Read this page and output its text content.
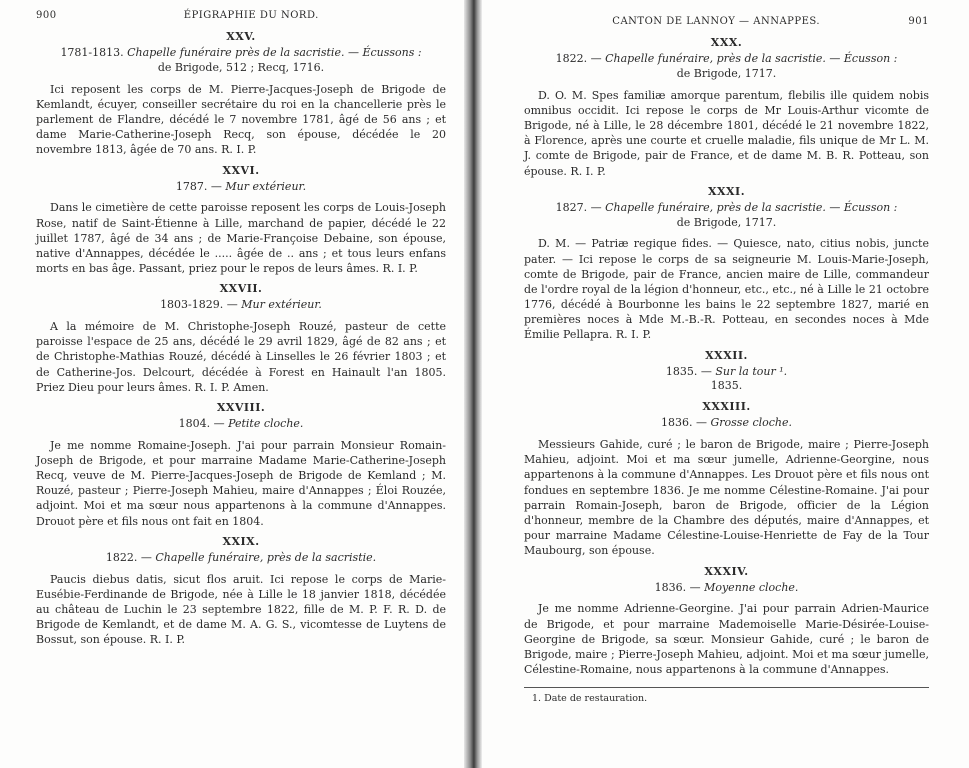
900	ÉPIGRAPHIE DU NORD.
XXV.
1781-1813. Chapelle funéraire près de la sacristie. — Écussons :
de Brigode, 512 ; Recq, 1716.

Ici reposent les corps de M. Pierre-Jacques-Joseph de Brigode de Kemlandt, écuyer, conseiller secrétaire du roi en la chancellerie près le parlement de Flandre, décédé le 7 novembre 1781, âgé de 56 ans ; et dame Marie-Catherine-Joseph Recq, son épouse, décédée le 20 novembre 1813, âgée de 70 ans. R. I. P.

XXVI.
1787. — Mur extérieur.

Dans le cimetière de cette paroisse reposent les corps de Louis-Joseph Rose, natif de Saint-Étienne à Lille, marchand de papier, décédé le 22 juillet 1787, âgé de 34 ans ; de Marie-Françoise Debaine, son épouse, native d'Annappes, décédée le ..... âgée de .. ans ; et tous leurs enfans morts en bas âge. Passant, priez pour le repos de leurs âmes. R. I. P.

XXVII.
1803-1829. — Mur extérieur.

A la mémoire de M. Christophe-Joseph Rouzé, pasteur de cette paroisse l'espace de 25 ans, décédé le 29 avril 1829, âgé de 82 ans ; et de Christophe-Mathias Rouzé, décédé à Linselles le 26 février 1803 ; et de Catherine-Jos. Delcourt, décédée à Forest en Hainault l'an 1805. Priez Dieu pour leurs âmes. R. I. P. Amen.

XXVIII.
1804. — Petite cloche.

Je me nomme Romaine-Joseph. J'ai pour parrain Monsieur Romain-Joseph de Brigode, et pour marraine Madame Marie-Catherine-Joseph Recq, veuve de M. Pierre-Jacques-Joseph de Brigode de Kemland ; M. Rouzé, pasteur ; Pierre-Joseph Mahieu, maire d'Annappes ; Éloi Rouzée, adjoint. Moi et ma sœur nous appartenons à la commune d'Annappes. Drouot père et fils nous ont fait en 1804.

XXIX.
1822. — Chapelle funéraire, près de la sacristie.

Paucis diebus datis, sicut flos aruit. Ici repose le corps de Marie-Eusébie-Ferdinande de Brigode, née à Lille le 18 janvier 1818, décédée au château de Luchin le 23 septembre 1822, fille de M. P. F. R. D. de Brigode de Kemlandt, et de dame M. A. G. S., vicomtesse de Luytens de Bossut, son épouse. R. I. P.

CANTON DE LANNOY — ANNAPPES.	901
XXX.
1822. — Chapelle funéraire, près de la sacristie. — Écusson :
de Brigode, 1717.

D. O. M. Spes familiæ amorque parentum, flebilis ille quidem nobis omnibus occidit. Ici repose le corps de Mr Louis-Arthur vicomte de Brigode, né à Lille, le 28 décembre 1801, décédé le 21 novembre 1822, à Florence, après une courte et cruelle maladie, fils unique de Mr L. M. J. comte de Brigode, pair de France, et de dame M. B. R. Potteau, son épouse. R. I. P.

XXXI.
1827. — Chapelle funéraire, près de la sacristie. — Écusson :
de Brigode, 1717.

D. M. — Patriæ regique fides. — Quiesce, nato, citius nobis, juncte pater. — Ici repose le corps de sa seigneurie M. Louis-Marie-Joseph, comte de Brigode, pair de France, ancien maire de Lille, commandeur de l'ordre royal de la légion d'honneur, etc., etc., né à Lille le 21 octobre 1776, décédé à Bourbonne les bains le 22 septembre 1827, marié en premières noces à Mde M.-B.-R. Potteau, en secondes noces à Mde Émilie Pellapra. R. I. P.

XXXII.
1835. — Sur la tour ¹.
1835.
XXXIII.
1836. — Grosse cloche.

Messieurs Gahide, curé ; le baron de Brigode, maire ; Pierre-Joseph Mahieu, adjoint. Moi et ma sœur jumelle, Adrienne-Georgine, nous appartenons à la commune d'Annappes. Les Drouot père et fils nous ont fondues en septembre 1836. Je me nomme Célestine-Romaine. J'ai pour parrain Romain-Joseph, baron de Brigode, officier de la Légion d'honneur, membre de la Chambre des députés, maire d'Annappes, et pour marraine Madame Célestine-Louise-Henriette de Fay de la Tour Maubourg, son épouse.

XXXIV.
1836. — Moyenne cloche.

Je me nomme Adrienne-Georgine. J'ai pour parrain Adrien-Maurice de Brigode, et pour marraine Mademoiselle Marie-Désirée-Louise-Georgine de Brigode, sa sœur. Monsieur Gahide, curé ; le baron de Brigode, maire ; Pierre-Joseph Mahieu, adjoint. Moi et ma sœur jumelle, Célestine-Romaine, nous appartenons à la commune d'Annappes.

1. Date de restauration.
